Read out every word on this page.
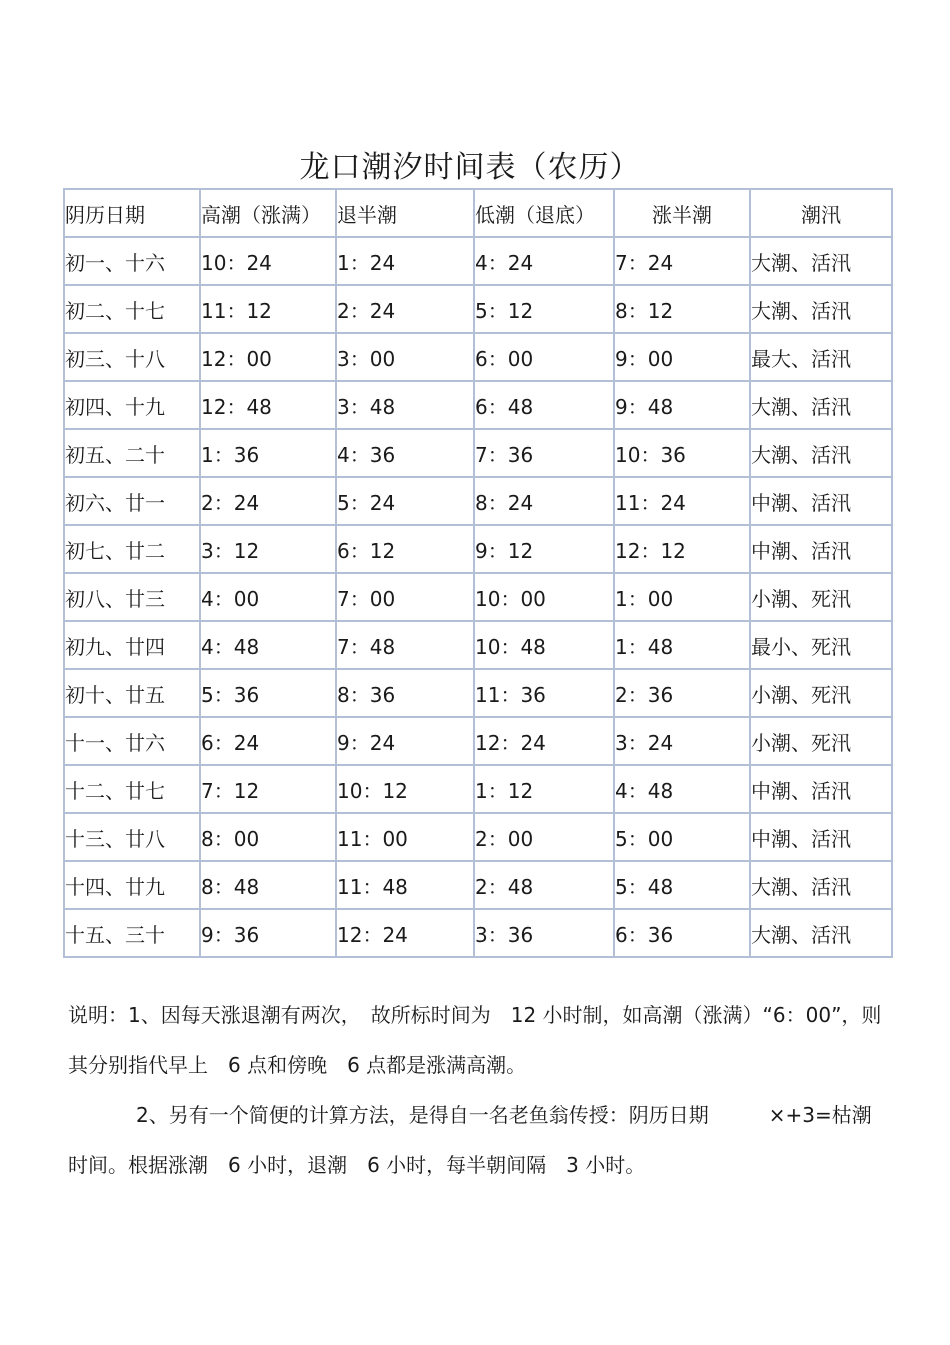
龙口潮汐时间表（农历）
阴历日期	高潮（涨满）	退半潮	低潮（退底）	涨半潮	潮汛
初一、十六	10：24	1：24	4：24	7：24	大潮、活汛
初二、十七	11：12	2：24	5：12	8：12	大潮、活汛
初三、十八	12：00	3：00	6：00	9：00	最大、活汛
初四、十九	12：48	3：48	6：48	9：48	大潮、活汛
初五、二十	1：36	4：36	7：36	10：36	大潮、活汛
初六、廿一	2：24	5：24	8：24	11：24	中潮、活汛
初七、廿二	3：12	6：12	9：12	12：12	中潮、活汛
初八、廿三	4：00	7：00	10：00	1：00	小潮、死汛
初九、廿四	4：48	7：48	10：48	1：48	最小、死汛
初十、廿五	5：36	8：36	11：36	2：36	小潮、死汛
十一、廿六	6：24	9：24	12：24	3：24	小潮、死汛
十二、廿七	7：12	10：12	1：12	4：48	中潮、活汛
十三、廿八	8：00	11：00	2：00	5：00	中潮、活汛
十四、廿九	8：48	11：48	2：48	5：48	大潮、活汛
十五、三十	9：36	12：24	3：36	6：36	大潮、活汛

说明：1、因每天涨退潮有两次，　故所标时间为　12 小时制，如高潮（涨满）“6：00”，则其分别指代早上　6 点和傍晚　6 点都是涨满高潮。

2、另有一个简便的计算方法，是得自一名老鱼翁传授：阴历日期　　　×+3=枯潮时间。根据涨潮　6 小时，退潮　6 小时，每半朝间隔　3 小时。
